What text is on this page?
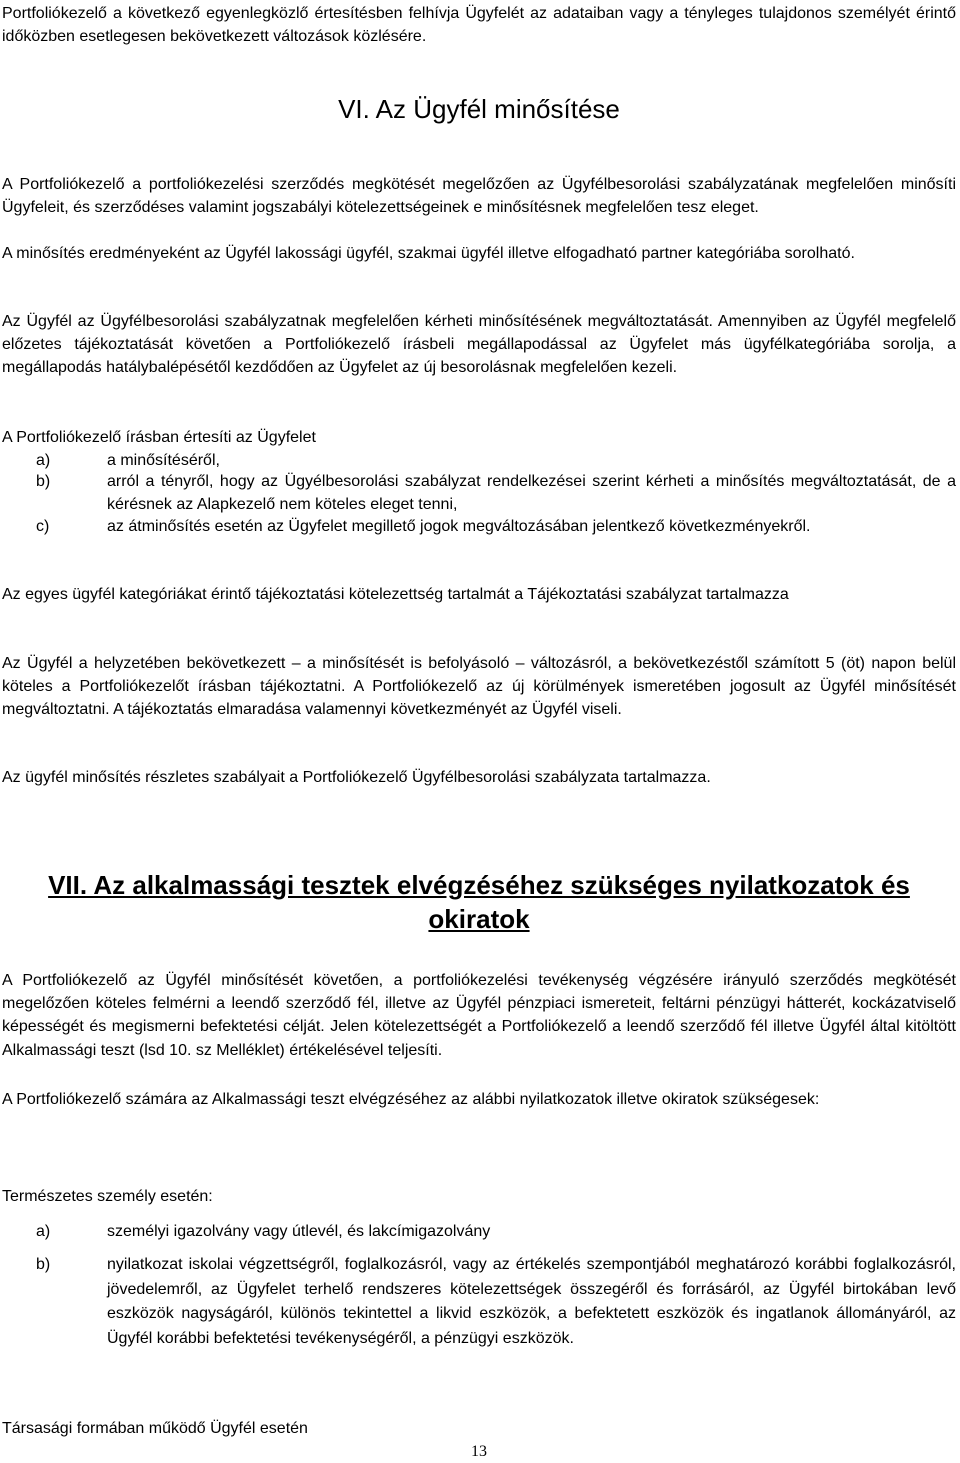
Portfoliókezelő a következő egyenlegközlő értesítésben felhívja Ügyfelét az adataiban vagy a tényleges tulajdonos személyét érintő időközben esetlegesen bekövetkezett változások közlésére.

VI. Az Ügyfél minősítése

A Portfoliókezelő a portfoliókezelési szerződés megkötését megelőzően az Ügyfélbesorolási szabályzatának megfelelően minősíti Ügyfeleit, és szerződéses valamint jogszabályi kötelezettségeinek e minősítésnek megfelelően tesz eleget.

A minősítés eredményeként az Ügyfél lakossági ügyfél, szakmai ügyfél illetve elfogadható partner kategóriába sorolható.

Az Ügyfél az Ügyfélbesorolási szabályzatnak megfelelően kérheti minősítésének megváltoztatását. Amennyiben az Ügyfél megfelelő előzetes tájékoztatását követően a Portfoliókezelő írásbeli megállapodással az Ügyfelet más ügyfélkategóriába sorolja, a megállapodás hatálybalépésétől kezdődően az Ügyfelet az új besorolásnak megfelelően kezeli.

A Portfoliókezelő írásban értesíti az Ügyfelet

a)	a minősítéséről,

b)	arról a tényről, hogy az Ügyélbesorolási szabályzat rendelkezései szerint kérheti a minősítés megváltoztatását, de a kérésnek az Alapkezelő nem köteles eleget tenni,

c)	az átminősítés esetén az Ügyfelet megillető jogok megváltozásában jelentkező következményekről.

Az egyes ügyfél kategóriákat érintő tájékoztatási kötelezettség tartalmát a Tájékoztatási szabályzat tartalmazza

Az Ügyfél a helyzetében bekövetkezett – a minősítését is befolyásoló – változásról, a bekövetkezéstől számított 5 (öt) napon belül köteles a Portfoliókezelőt írásban tájékoztatni. A Portfoliókezelő az új körülmények ismeretében jogosult az Ügyfél minősítését megváltoztatni. A tájékoztatás elmaradása valamennyi következményét az Ügyfél viseli.

Az ügyfél minősítés részletes szabályait a Portfoliókezelő Ügyfélbesorolási szabályzata tartalmazza.

VII. Az alkalmassági tesztek elvégzéséhez szükséges nyilatkozatok és
okiratok

A Portfoliókezelő az Ügyfél minősítését követően, a portfoliókezelési tevékenység végzésére irányuló szerződés megkötését megelőzően köteles felmérni a leendő szerződő fél, illetve az Ügyfél pénzpiaci ismereteit, feltárni pénzügyi hátterét, kockázatviselő képességét és megismerni befektetési célját. Jelen kötelezettségét a Portfoliókezelő a leendő szerződő fél illetve Ügyfél által kitöltött Alkalmassági teszt (lsd 10. sz Melléklet) értékelésével teljesíti.

A Portfoliókezelő számára az Alkalmassági teszt elvégzéséhez az alábbi nyilatkozatok illetve okiratok szükségesek:

Természetes személy esetén:

a)	személyi igazolvány vagy útlevél, és lakcímigazolvány

b)	nyilatkozat iskolai végzettségről, foglalkozásról, vagy az értékelés szempontjából meghatározó korábbi foglalkozásról, jövedelemről, az Ügyfelet terhelő rendszeres kötelezettségek összegéről és forrásáról, az Ügyfél birtokában levő eszközök nagyságáról, különös tekintettel a likvid eszközök, a befektetett eszközök és ingatlanok állományáról, az Ügyfél korábbi befektetési tevékenységéről, a pénzügyi eszközök.

Társasági formában működő Ügyfél esetén

13
